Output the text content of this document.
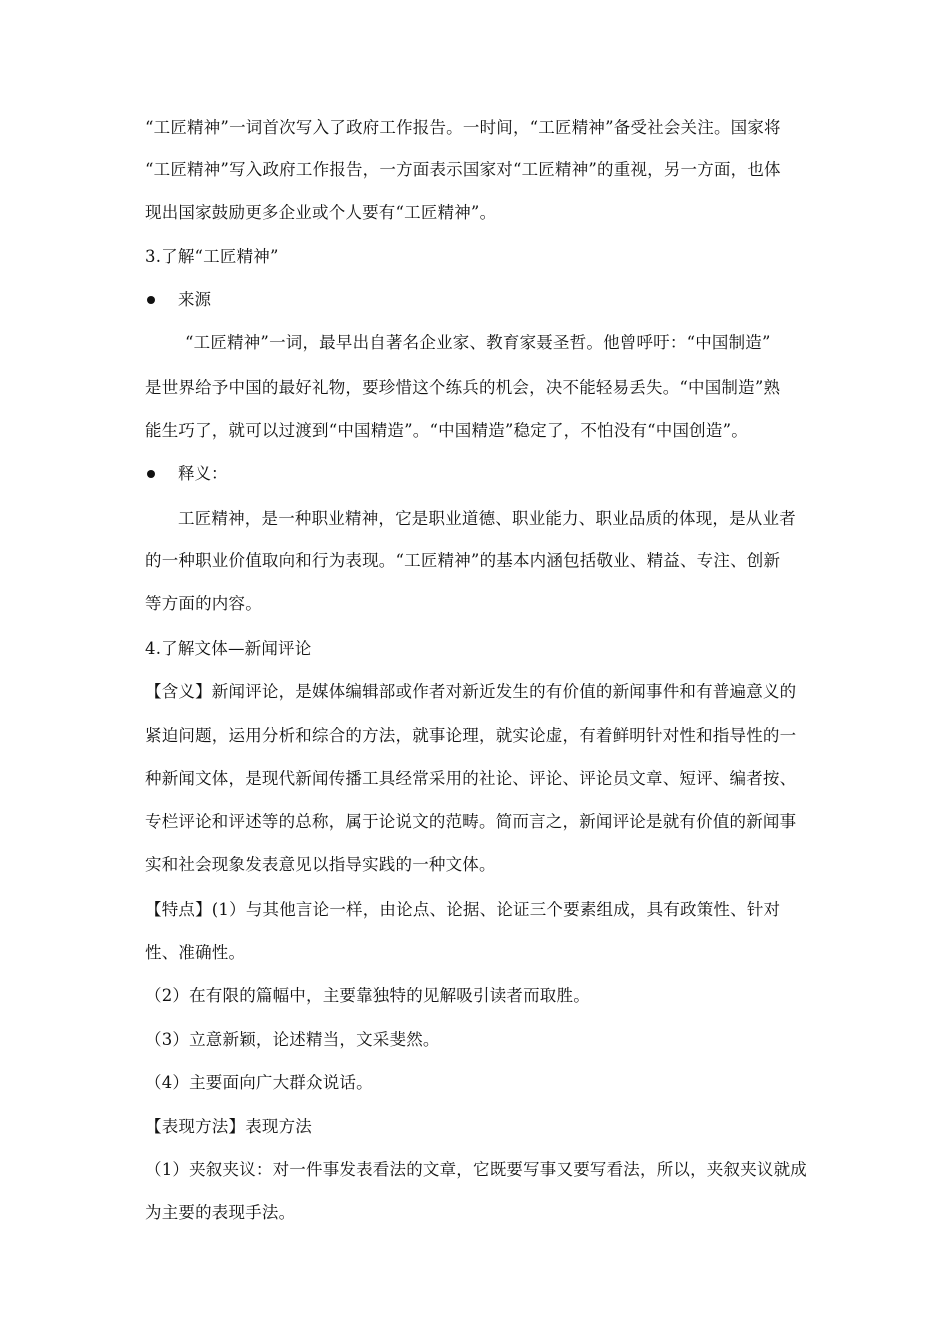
“工匠精神”一词首次写入了政府工作报告。一时间，“工匠精神”备受社会关注。国家将
“工匠精神”写入政府工作报告，一方面表示国家对“工匠精神”的重视，另一方面，也体
现出国家鼓励更多企业或个人要有“工匠精神”。
3.了解“工匠精神”
来源
“工匠精神”一词，最早出自著名企业家、教育家聂圣哲。他曾呼吁：“中国制造”
是世界给予中国的最好礼物，要珍惜这个练兵的机会，决不能轻易丢失。“中国制造”熟
能生巧了，就可以过渡到“中国精造”。“中国精造”稳定了，不怕没有“中国创造”。
释义：
工匠精神，是一种职业精神，它是职业道德、职业能力、职业品质的体现，是从业者
的一种职业价值取向和行为表现。“工匠精神”的基本内涵包括敬业、精益、专注、创新
等方面的内容。
4.了解文体—新闻评论
【含义】新闻评论，是媒体编辑部或作者对新近发生的有价值的新闻事件和有普遍意义的
紧迫问题，运用分析和综合的方法，就事论理，就实论虚，有着鲜明针对性和指导性的一
种新闻文体，是现代新闻传播工具经常采用的社论、评论、评论员文章、短评、编者按、
专栏评论和评述等的总称，属于论说文的范畴。简而言之，新闻评论是就有价值的新闻事
实和社会现象发表意见以指导实践的一种文体。
【特点】(1）与其他言论一样，由论点、论据、论证三个要素组成，具有政策性、针对
性、准确性。
（2）在有限的篇幅中，主要靠独特的见解吸引读者而取胜。
（3）立意新颖，论述精当，文采斐然。
（4）主要面向广大群众说话。
【表现方法】表现方法
（1）夹叙夹议：对一件事发表看法的文章，它既要写事又要写看法，所以，夹叙夹议就成
为主要的表现手法。
